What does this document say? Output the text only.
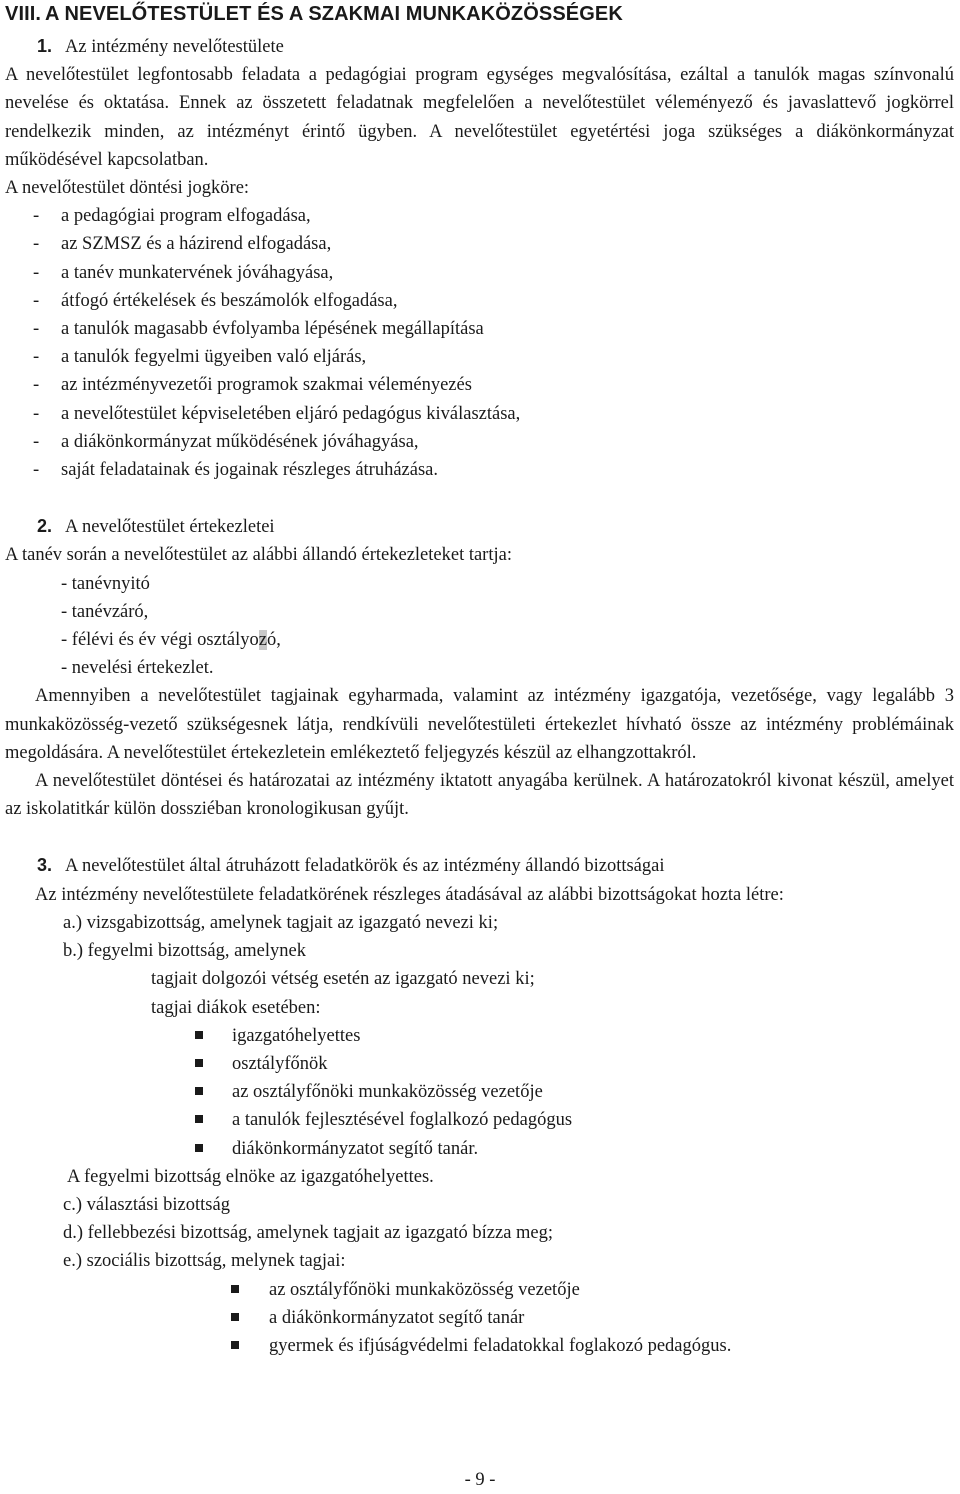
VIII. A NEVELŐTESTÜLET ÉS A SZAKMAI MUNKAKÖZÖSSÉGEK
1. Az intézmény nevelőtestülete

A nevelőtestület legfontosabb feladata a pedagógiai program egységes megvalósítása, ezáltal a tanulók magas színvonalú nevelése és oktatása. Ennek az összetett feladatnak megfelelően a nevelőtestület véleményező és javaslattevő jogkörrel rendelkezik minden, az intézményt érintő ügyben. A nevelőtestület egyetértési joga szükséges a diákönkormányzat működésével kapcsolatban.

A nevelőtestület döntési jogköre:
- a pedagógiai program elfogadása,
- az SZMSZ és a házirend elfogadása,
- a tanév munkatervének jóváhagyása,
- átfogó értékelések és beszámolók elfogadása,
- a tanulók magasabb évfolyamba lépésének megállapítása
- a tanulók fegyelmi ügyeiben való eljárás,
- az intézményvezetői programok szakmai véleményezés
- a nevelőtestület képviseletében eljáró pedagógus kiválasztása,
- a diákönkormányzat működésének jóváhagyása,
- saját feladatainak és jogainak részleges átruházása.
2. A nevelőtestület értekezletei
A tanév során a nevelőtestület az alábbi állandó értekezleteket tartja:
- tanévnyitó
- tanévzáró,
- félévi és év végi osztályozó,
- nevelési értekezlet.

Amennyiben a nevelőtestület tagjainak egyharmada, valamint az intézmény igazgatója, vezetősége, vagy legalább 3 munkaközösség-vezető szükségesnek látja, rendkívüli nevelőtestületi értekezlet hívható össze az intézmény problémáinak megoldására. A nevelőtestület értekezletein emlékeztető feljegyzés készül az elhangzottakról.

A nevelőtestület döntései és határozatai az intézmény iktatott anyagába kerülnek. A határozatokról kivonat készül, amelyet az iskolatitkár külön dossziéban kronologikusan gyűjt.

3. A nevelőtestület által átruházott feladatkörök és az intézmény állandó bizottságai

Az intézmény nevelőtestülete feladatkörének részleges átadásával az alábbi bizottságokat hozta létre:

a.) vizsgabizottság, amelynek tagjait az igazgató nevezi ki;
b.) fegyelmi bizottság, amelynek
tagjait dolgozói vétség esetén az igazgató nevezi ki;
tagjai diákok esetében:
igazgatóhelyettes
osztályfőnök
az osztályfőnöki munkaközösség vezetője
a tanulók fejlesztésével foglalkozó pedagógus
diákönkormányzatot segítő tanár.
A fegyelmi bizottság elnöke az igazgatóhelyettes.
c.) választási bizottság
d.) fellebbezési bizottság, amelynek tagjait az igazgató bízza meg;
e.) szociális bizottság, melynek tagjai:
az osztályfőnöki munkaközösség vezetője
a diákönkormányzatot segítő tanár
gyermek és ifjúságvédelmi feladatokkal foglakozó pedagógus.
- 9 -
